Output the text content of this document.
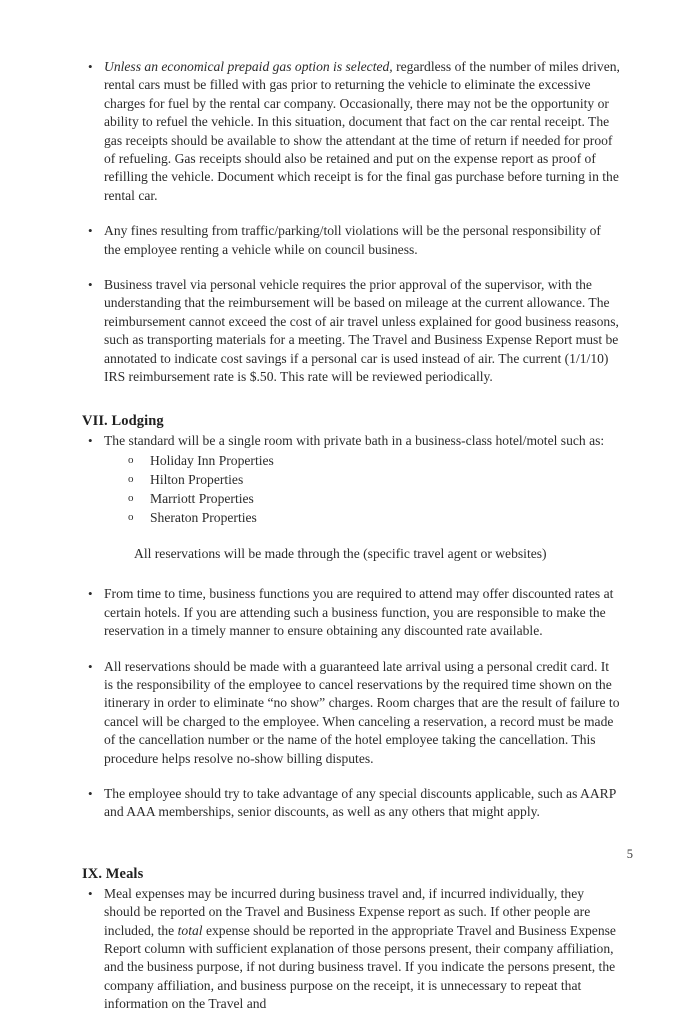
• Unless an economical prepaid gas option is selected, regardless of the number of miles driven, rental cars must be filled with gas prior to returning the vehicle to eliminate the excessive charges for fuel by the rental car company. Occasionally, there may not be the opportunity or ability to refuel the vehicle. In this situation, document that fact on the car rental receipt. The gas receipts should be available to show the attendant at the time of return if needed for proof of refueling. Gas receipts should also be retained and put on the expense report as proof of refilling the vehicle. Document which receipt is for the final gas purchase before turning in the rental car.
• Any fines resulting from traffic/parking/toll violations will be the personal responsibility of the employee renting a vehicle while on council business.
• Business travel via personal vehicle requires the prior approval of the supervisor, with the understanding that the reimbursement will be based on mileage at the current allowance. The reimbursement cannot exceed the cost of air travel unless explained for good business reasons, such as transporting materials for a meeting. The Travel and Business Expense Report must be annotated to indicate cost savings if a personal car is used instead of air. The current (1/1/10) IRS reimbursement rate is $.50. This rate will be reviewed periodically.
VII. Lodging
• The standard will be a single room with private bath in a business-class hotel/motel such as:
o Holiday Inn Properties
o Hilton Properties
o Marriott Properties
o Sheraton Properties
All reservations will be made through the (specific travel agent or websites)
• From time to time, business functions you are required to attend may offer discounted rates at certain hotels. If you are attending such a business function, you are responsible to make the reservation in a timely manner to ensure obtaining any discounted rate available.
• All reservations should be made with a guaranteed late arrival using a personal credit card. It is the responsibility of the employee to cancel reservations by the required time shown on the itinerary in order to eliminate “no show” charges. Room charges that are the result of failure to cancel will be charged to the employee. When canceling a reservation, a record must be made of the cancellation number or the name of the hotel employee taking the cancellation. This procedure helps resolve no-show billing disputes.
• The employee should try to take advantage of any special discounts applicable, such as AARP and AAA memberships, senior discounts, as well as any others that might apply.
IX. Meals
• Meal expenses may be incurred during business travel and, if incurred individually, they should be reported on the Travel and Business Expense report as such. If other people are included, the total expense should be reported in the appropriate Travel and Business Expense Report column with sufficient explanation of those persons present, their company affiliation, and the business purpose, if not during business travel. If you indicate the persons present, the company affiliation, and business purpose on the receipt, it is unnecessary to repeat that information on the Travel and
5
